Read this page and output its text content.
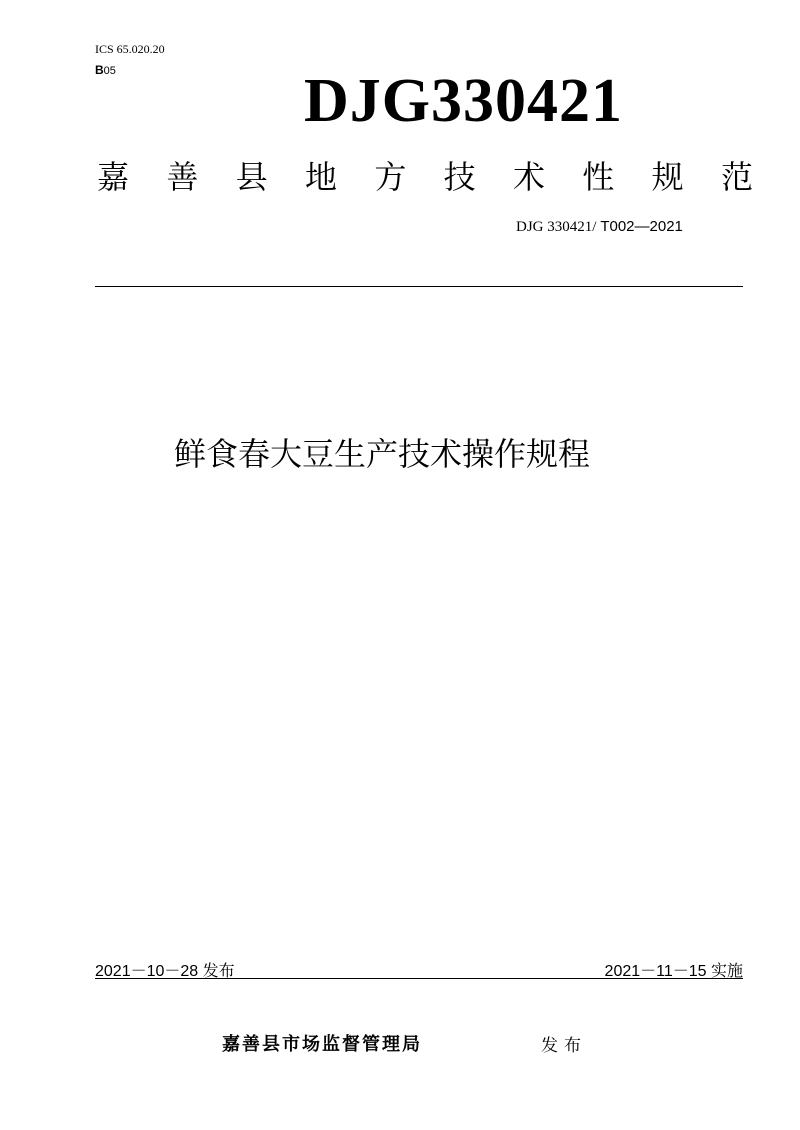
ICS 65.020.20
B05	DJG330421
嘉 善 县 地 方 技 术 性 规 范
DJG 330421/ T002—2021
鲜食春大豆生产技术操作规程
2021－10－28 发布	2021－11－15 实施
嘉善县市场监督管理局	发布
